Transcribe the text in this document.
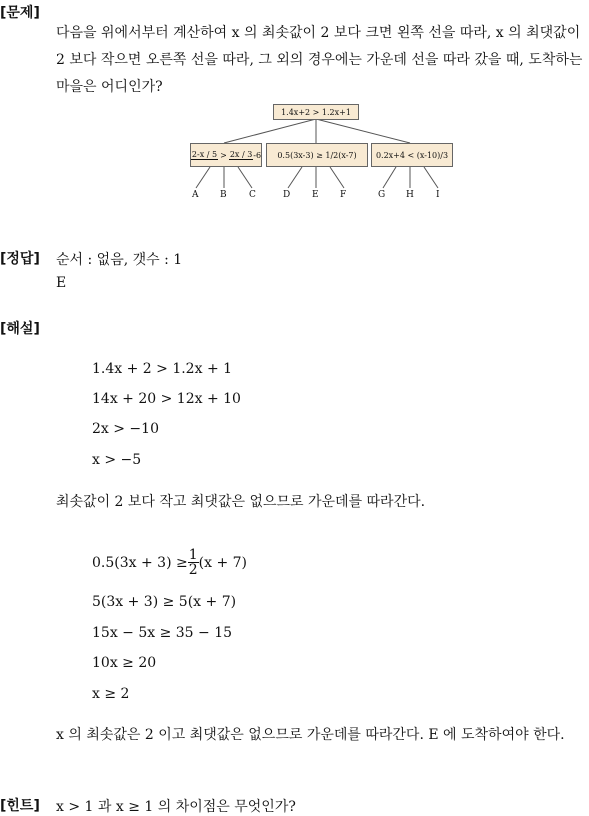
[문제]
다음을 위에서부터 계산하여 x 의 최솟값이 2 보다 크면 왼쪽 선을 따라, x 의 최댓값이 2 보다 작으면 오른쪽 선을 따라, 그 외의 경우에는 가운데 선을 따라 갔을 때, 도착하는 마을은 어디인가?
1.4x+2 > 1.2x+1
2-x / 5 > 2x / 3 -6	0.5(3x-3) ≥ 1/2(x-7)	0.2x+4 < (x-10)/3
A B C	D E F	G H I
[정답] 순서 : 없음, 갯수 : 1
E
[해설]
1.4x + 2 > 1.2x + 1
14x + 20 > 12x + 10
2x > −10
x > −5
최솟값이 2 보다 작고 최댓값은 없으므로 가운데를 따라간다.
$0.5(3x + 3) \ge \frac{1}{2} (x + 7)$
5(3x + 3) ≥ 5(x + 7)
15x − 5x ≥ 35 − 15
10x ≥ 20
x ≥ 2
x 의 최솟값은 2 이고 최댓값은 없으므로 가운데를 따라간다. E 에 도착하여야 한다.
[힌트] x > 1 과 x ≥ 1 의 차이점은 무엇인가?
